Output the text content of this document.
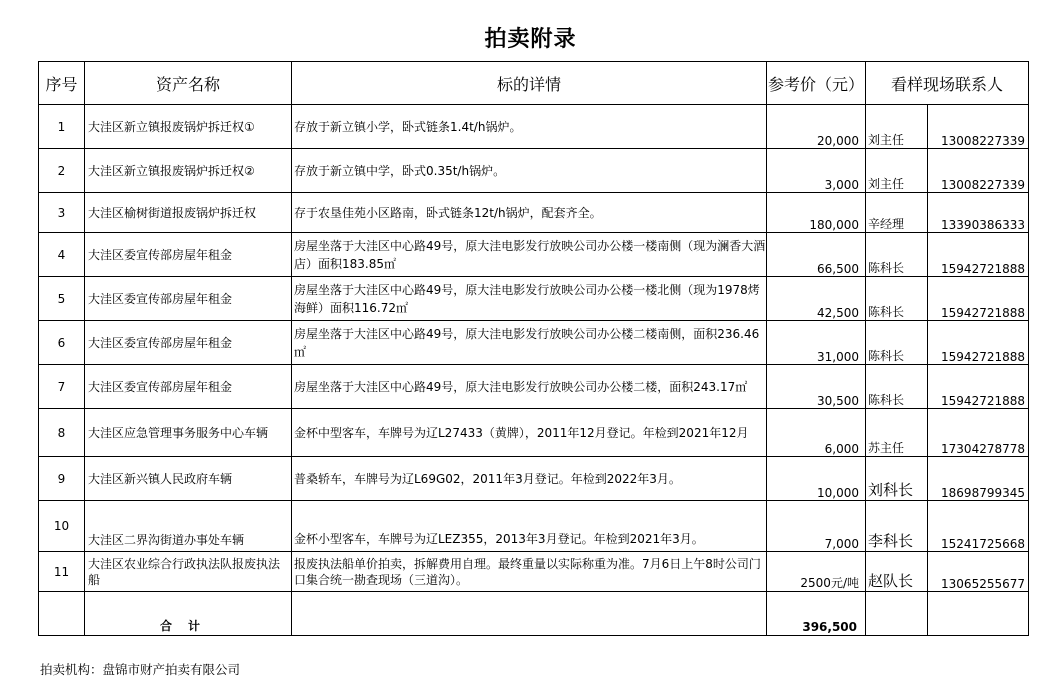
拍卖附录
序号	资产名称	标的详情	参考价（元）	看样现场联系人	
1	大洼区新立镇报废锅炉拆迁权①	存放于新立镇小学，卧式链条1.4t/h锅炉。	20,000	刘主任	13008227339
2	大洼区新立镇报废锅炉拆迁权②	存放于新立镇中学，卧式0.35t/h锅炉。	3,000	刘主任	13008227339
3	大洼区榆树街道报废锅炉拆迁权	存于农垦佳苑小区路南，卧式链条12t/h锅炉，配套齐全。	180,000	辛经理	13390386333
4	大洼区委宣传部房屋年租金	房屋坐落于大洼区中心路49号，原大洼电影发行放映公司办公楼一楼南侧（现为澜香大酒店）面积183.85㎡	66,500	陈科长	15942721888
5	大洼区委宣传部房屋年租金	房屋坐落于大洼区中心路49号，原大洼电影发行放映公司办公楼一楼北侧（现为1978烤海鲜）面积116.72㎡	42,500	陈科长	15942721888
6	大洼区委宣传部房屋年租金	房屋坐落于大洼区中心路49号，原大洼电影发行放映公司办公楼二楼南侧，面积236.46㎡	31,000	陈科长	15942721888
7	大洼区委宣传部房屋年租金	房屋坐落于大洼区中心路49号，原大洼电影发行放映公司办公楼二楼，面积243.17㎡	30,500	陈科长	15942721888
8	大洼区应急管理事务服务中心车辆	金杯中型客车，车牌号为辽L27433（黄牌），2011年12月登记。年检到2021年12月	6,000	苏主任	17304278778
9	大洼区新兴镇人民政府车辆	普桑轿车，车牌号为辽L69G02，2011年3月登记。年检到2022年3月。	10,000	刘科长	18698799345
10	大洼区二界沟街道办事处车辆	金杯小型客车，车牌号为辽LEZ355，2013年3月登记。年检到2021年3月。	7,000	李科长	15241725668
11	大洼区农业综合行政执法队报废执法船	报废执法船单价拍卖，拆解费用自理。最终重量以实际称重为准。7月6日上午8时公司门口集合统一勘查现场（三道沟）。	2500元/吨	赵队长	13065255677
	合计		396,500		
拍卖机构：盘锦市财产拍卖有限公司
